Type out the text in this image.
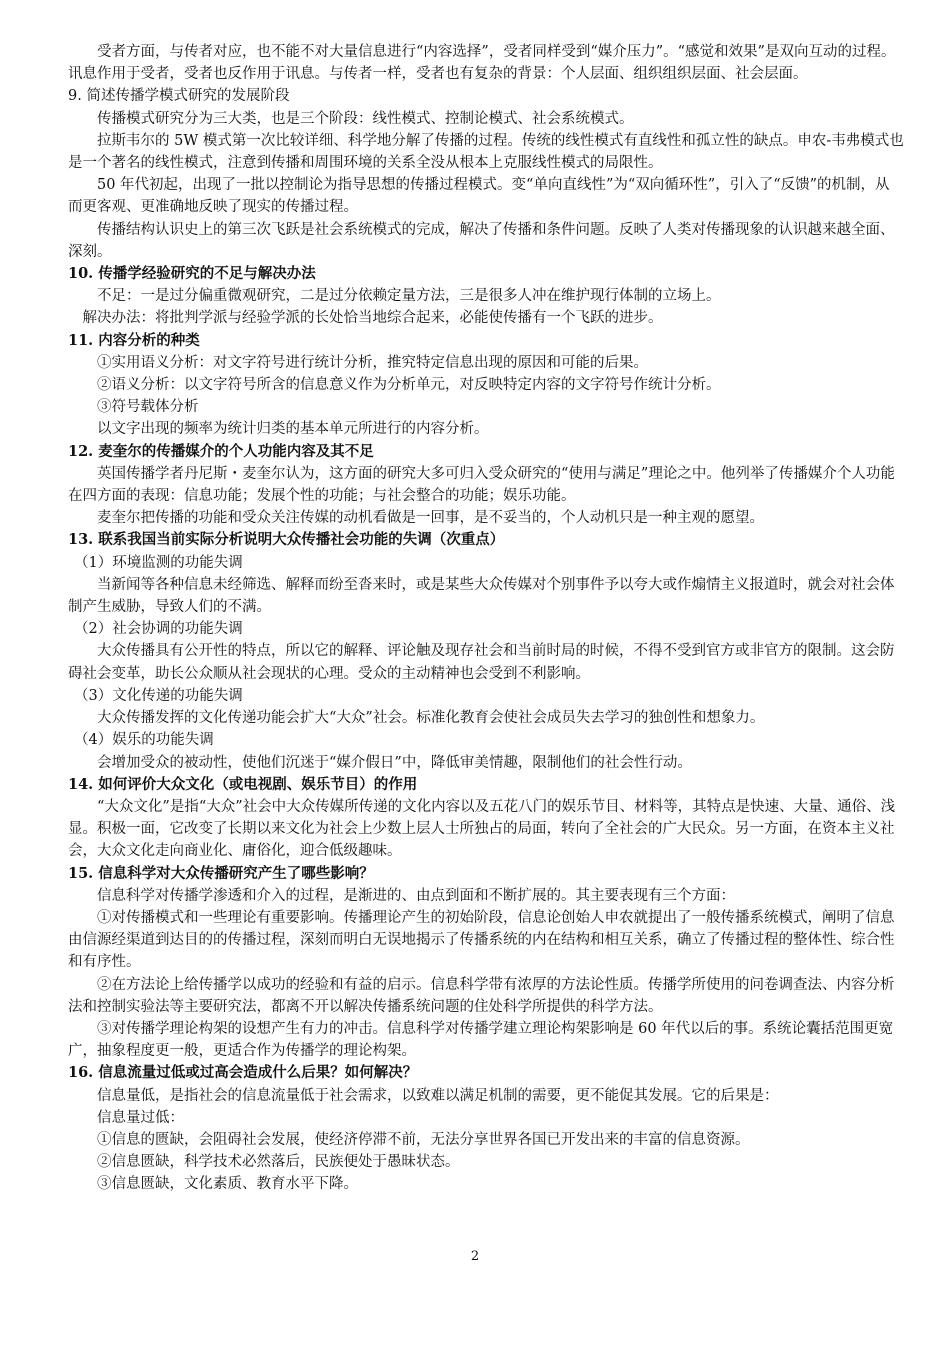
　　受者方面，与传者对应，也不能不对大量信息进行“内容选择”，受者同样受到“媒介压力”。“感觉和效果”是双向互动的过程。讯息作用于受者，受者也反作用于讯息。与传者一样，受者也有复杂的背景：个人层面、组织组织层面、社会层面。
9. 简述传播学模式研究的发展阶段
　　传播模式研究分为三大类，也是三个阶段：线性模式、控制论模式、社会系统模式。
　　拉斯韦尔的 5W 模式第一次比较详细、科学地分解了传播的过程。传统的线性模式有直线性和孤立性的缺点。申农-韦弗模式也是一个著名的线性模式，注意到传播和周围环境的关系全没从根本上克服线性模式的局限性。
　　50 年代初起，出现了一批以控制论为指导思想的传播过程模式。变“单向直线性”为“双向循环性”，引入了“反馈”的机制，从而更客观、更准确地反映了现实的传播过程。
　　传播结构认识史上的第三次飞跃是社会系统模式的完成，解决了传播和条件问题。反映了人类对传播现象的认识越来越全面、深刻。
10. 传播学经验研究的不足与解决办法
　　不足：一是过分偏重微观研究，二是过分依赖定量方法，三是很多人冲在维护现行体制的立场上。
　解决办法：将批判学派与经验学派的长处恰当地综合起来，必能使传播有一个飞跃的进步。
11. 内容分析的种类
　　①实用语义分析：对文字符号进行统计分析，推究特定信息出现的原因和可能的后果。
　　②语义分析：以文字符号所含的信息意义作为分析单元，对反映特定内容的文字符号作统计分析。
　　③符号载体分析
　　以文字出现的频率为统计归类的基本单元所进行的内容分析。
12. 麦奎尔的传播媒介的个人功能内容及其不足
　　英国传播学者丹尼斯・麦奎尔认为，这方面的研究大多可归入受众研究的“使用与满足”理论之中。他列举了传播媒介个人功能在四方面的表现：信息功能；发展个性的功能；与社会整合的功能；娱乐功能。
　　麦奎尔把传播的功能和受众关注传媒的动机看做是一回事，是不妥当的，个人动机只是一种主观的愿望。
13. 联系我国当前实际分析说明大众传播社会功能的失调（次重点）
（1）环境监测的功能失调
　　当新闻等各种信息未经筛选、解释而纷至沓来时，或是某些大众传媒对个别事件予以夸大或作煽情主义报道时，就会对社会体制产生威胁，导致人们的不满。
（2）社会协调的功能失调
　　大众传播具有公开性的特点，所以它的解释、评论触及现存社会和当前时局的时候，不得不受到官方或非官方的限制。这会防碍社会变革，助长公众顺从社会现状的心理。受众的主动精神也会受到不利影响。
（3）文化传递的功能失调
　　大众传播发挥的文化传递功能会扩大“大众”社会。标准化教育会使社会成员失去学习的独创性和想象力。
（4）娱乐的功能失调
　　会增加受众的被动性，使他们沉迷于“媒介假日”中，降低审美情趣，限制他们的社会性行动。
14. 如何评价大众文化（或电视剧、娱乐节目）的作用
　　“大众文化”是指“大众”社会中大众传媒所传递的文化内容以及五花八门的娱乐节目、材料等，其特点是快速、大量、通俗、浅显。积极一面，它改变了长期以来文化为社会上少数上层人士所独占的局面，转向了全社会的广大民众。另一方面，在资本主义社会，大众文化走向商业化、庸俗化，迎合低级趣味。
15. 信息科学对大众传播研究产生了哪些影响？
　　信息科学对传播学渗透和介入的过程，是渐进的、由点到面和不断扩展的。其主要表现有三个方面：
　　①对传播模式和一些理论有重要影响。传播理论产生的初始阶段，信息论创始人申农就提出了一般传播系统模式，阐明了信息由信源经渠道到达目的的传播过程，深刻而明白无误地揭示了传播系统的内在结构和相互关系，确立了传播过程的整体性、综合性和有序性。
　　②在方法论上给传播学以成功的经验和有益的启示。信息科学带有浓厚的方法论性质。传播学所使用的问卷调查法、内容分析法和控制实验法等主要研究法，都离不开以解决传播系统问题的住处科学所提供的科学方法。
　　③对传播学理论构架的设想产生有力的冲击。信息科学对传播学建立理论构架影响是 60 年代以后的事。系统论囊括范围更宽广，抽象程度更一般，更适合作为传播学的理论构架。
16. 信息流量过低或过高会造成什么后果？如何解决？
　　信息量低，是指社会的信息流量低于社会需求，以致难以满足机制的需要，更不能促其发展。它的后果是：
　　信息量过低：
　　①信息的匮缺，会阻碍社会发展，使经济停滞不前，无法分享世界各国已开发出来的丰富的信息资源。
　　②信息匮缺，科学技术必然落后，民族便处于愚昧状态。
　　③信息匮缺，文化素质、教育水平下降。
2
